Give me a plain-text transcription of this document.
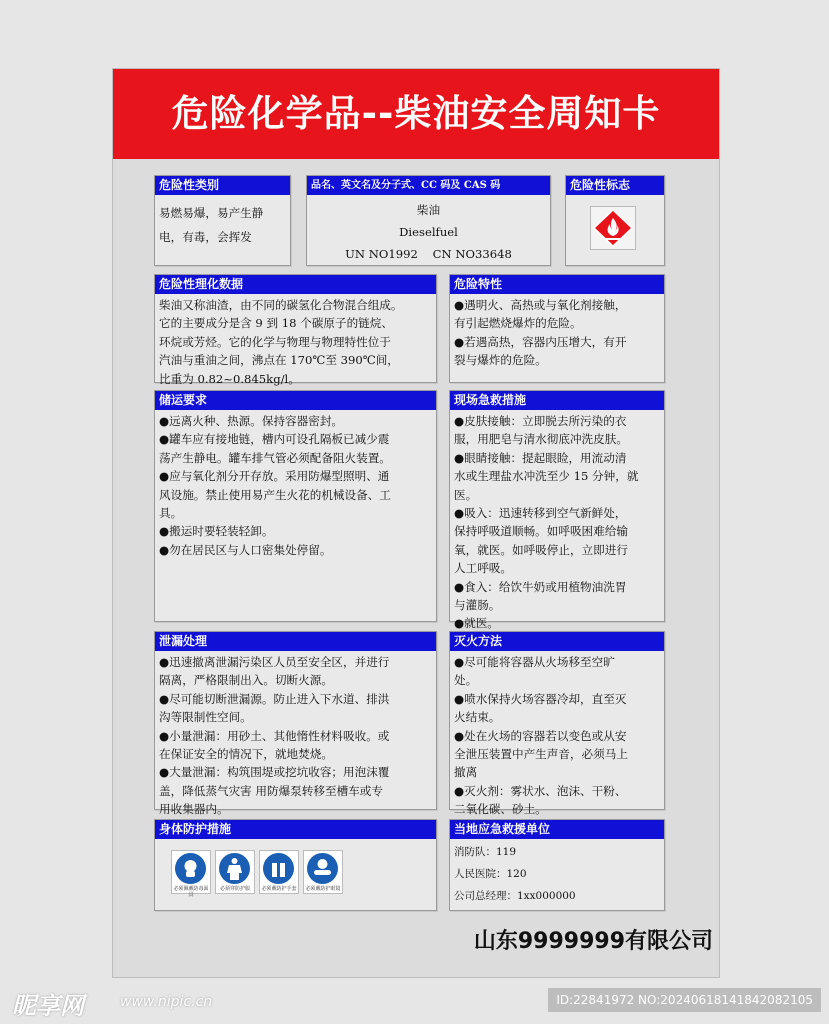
危险化学品--柴油安全周知卡
危险性类别
易燃易爆，易产生静
电，有毒，会挥发
品名、英文名及分子式、CC 码及 CAS 码
柴油
Dieselfuel
UN NO1992    CN NO33648
危险性标志
危险性理化数据
柴油又称油渣，由不同的碳氢化合物混合组成。
它的主要成分是含 9 到 18 个碳原子的链烷、
环烷或芳烃。它的化学与物理与物理特性位于
汽油与重油之间，沸点在 170℃至 390℃间，
比重为 0.82~0.845kg/l。
危险特性
●遇明火、高热或与氧化剂接触，
有引起燃烧爆炸的危险。
●若遇高热，容器内压增大，有开
裂与爆炸的危险。
储运要求
●远离火种、热源。保持容器密封。
●罐车应有接地链，槽内可设孔隔板已减少震
荡产生静电。罐车排气管必须配备阻火装置。
●应与氧化剂分开存放。采用防爆型照明、通
风设施。禁止使用易产生火花的机械设备、工
具。
●搬运时要轻装轻卸。
●勿在居民区与人口密集处停留。
现场急救措施
●皮肤接触：立即脱去所污染的衣
服，用肥皂与清水彻底冲洗皮肤。
●眼睛接触：提起眼睑，用流动清
水或生理盐水冲洗至少 15 分钟，就
医。
●吸入：迅速转移到空气新鲜处，
保持呼吸道顺畅。如呼吸困难给输
氧，就医。如呼吸停止，立即进行
人工呼吸。
●食入：给饮牛奶或用植物油洗胃
与灌肠。
●就医。
泄漏处理
●迅速撤离泄漏污染区人员至安全区，并进行
隔离，严格限制出入。切断火源。
●尽可能切断泄漏源。防止进入下水道、排洪
沟等限制性空间。
●小量泄漏：用砂土、其他惰性材料吸收。或
在保证安全的情况下，就地焚烧。
●大量泄漏：构筑围堤或挖坑收容；用泡沫覆
盖，降低蒸气灾害 用防爆泵转移至槽车或专
用收集器内。
灭火方法
●尽可能将容器从火场移至空旷
处。
●喷水保持火场容器冷却，直至灭
火结束。
●处在火场的容器若以变色或从安
全泄压装置中产生声音，必须马上
撤离
●灭火剂：雾状水、泡沫、干粉、
二氧化碳、砂土。
身体防护措施
必须佩戴防毒面具
必须穿防护服	必须戴防护手套	必须戴防护眼镜
当地应急救援单位
消防队：119
人民医院：120
公司总经理：1xx000000
山东9999999有限公司
昵享网	www.nipic.cn	ID:22841972 NO:20240618141842082105
